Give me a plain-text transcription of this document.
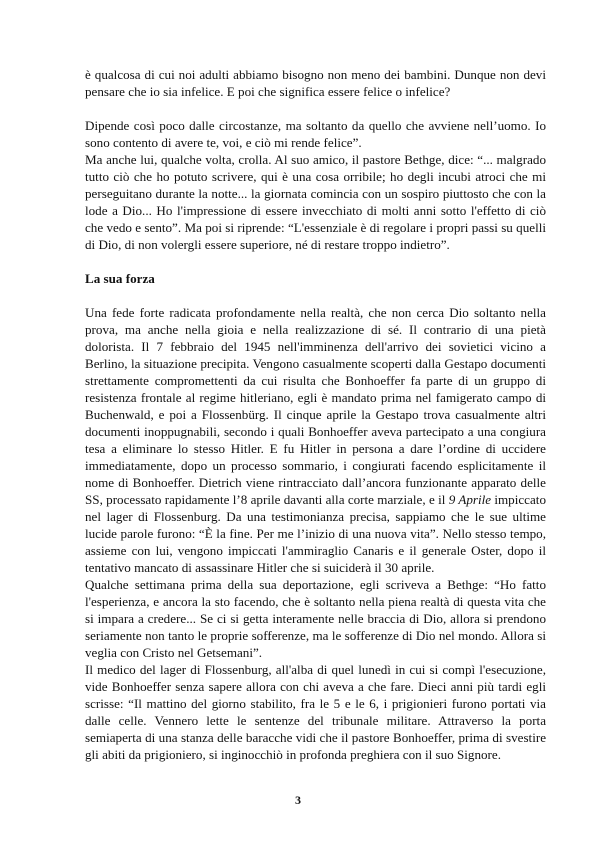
è qualcosa di cui noi adulti abbiamo bisogno non meno dei bambini. Dunque non devi pensare che io sia infelice. E poi che significa essere felice o infelice?

Dipende così poco dalle circostanze, ma soltanto da quello che avviene nell’uomo. Io sono contento di avere te, voi, e ciò mi rende felice”.

Ma anche lui, qualche volta, crolla. Al suo amico, il pastore Bethge, dice: “... malgrado tutto ciò che ho potuto scrivere, qui è una cosa orribile; ho degli incubi atroci che mi perseguitano durante la notte... la giornata comincia con un sospiro piuttosto che con la lode a Dio... Ho l'impressione di essere invecchiato di molti anni sotto l'effetto di ciò che vedo e sento”. Ma poi si riprende: “L'essenziale è di regolare i propri passi su quelli di Dio, di non volergli essere superiore, né di restare troppo indietro”.

La sua forza

Una fede forte radicata profondamente nella realtà, che non cerca Dio soltanto nella prova, ma anche nella gioia e nella realizzazione di sé. Il contrario di una pietà dolorista. Il 7 febbraio del 1945 nell'imminenza dell'arrivo dei sovietici vicino a Berlino, la situazione precipita. Vengono casualmente scoperti dalla Gestapo documenti strettamente compromettenti da cui risulta che Bonhoeffer fa parte di un gruppo di resistenza frontale al regime hitleriano, egli è mandato prima nel famigerato campo di Buchenwald, e poi a Flossenbürg. Il cinque aprile la Gestapo trova casualmente altri documenti inoppugnabili, secondo i quali Bonhoeffer aveva partecipato a una congiura tesa a eliminare lo stesso Hitler. E fu Hitler in persona a dare l’ordine di uccidere immediatamente, dopo un processo sommario, i congiurati facendo esplicitamente il nome di Bonhoeffer. Dietrich viene rintracciato dall’ancora funzionante apparato delle SS, processato rapidamente l’8 aprile davanti alla corte marziale, e il 9 Aprile impiccato nel lager di Flossenburg. Da una testimonianza precisa, sappiamo che le sue ultime lucide parole furono: “È la fine. Per me l’inizio di una nuova vita”. Nello stesso tempo, assieme con lui, vengono impiccati l'ammiraglio Canaris e il generale Oster, dopo il tentativo mancato di assassinare Hitler che si suiciderà il 30 aprile.

Qualche settimana prima della sua deportazione, egli scriveva a Bethge: “Ho fatto l'esperienza, e ancora la sto facendo, che è soltanto nella piena realtà di questa vita che si impara a credere... Se ci si getta interamente nelle braccia di Dio, allora si prendono seriamente non tanto le proprie sofferenze, ma le sofferenze di Dio nel mondo. Allora si veglia con Cristo nel Getsemani”.

Il medico del lager di Flossenburg, all'alba di quel lunedì in cui si compì l'esecuzione, vide Bonhoeffer senza sapere allora con chi aveva a che fare. Dieci anni più tardi egli scrisse: “Il mattino del giorno stabilito, fra le 5 e le 6, i prigionieri furono portati via dalle celle. Vennero lette le sentenze del tribunale militare. Attraverso la porta semiaperta di una stanza delle baracche vidi che il pastore Bonhoeffer, prima di svestire gli abiti da prigioniero, si inginocchiò in profonda preghiera con il suo Signore.

3
